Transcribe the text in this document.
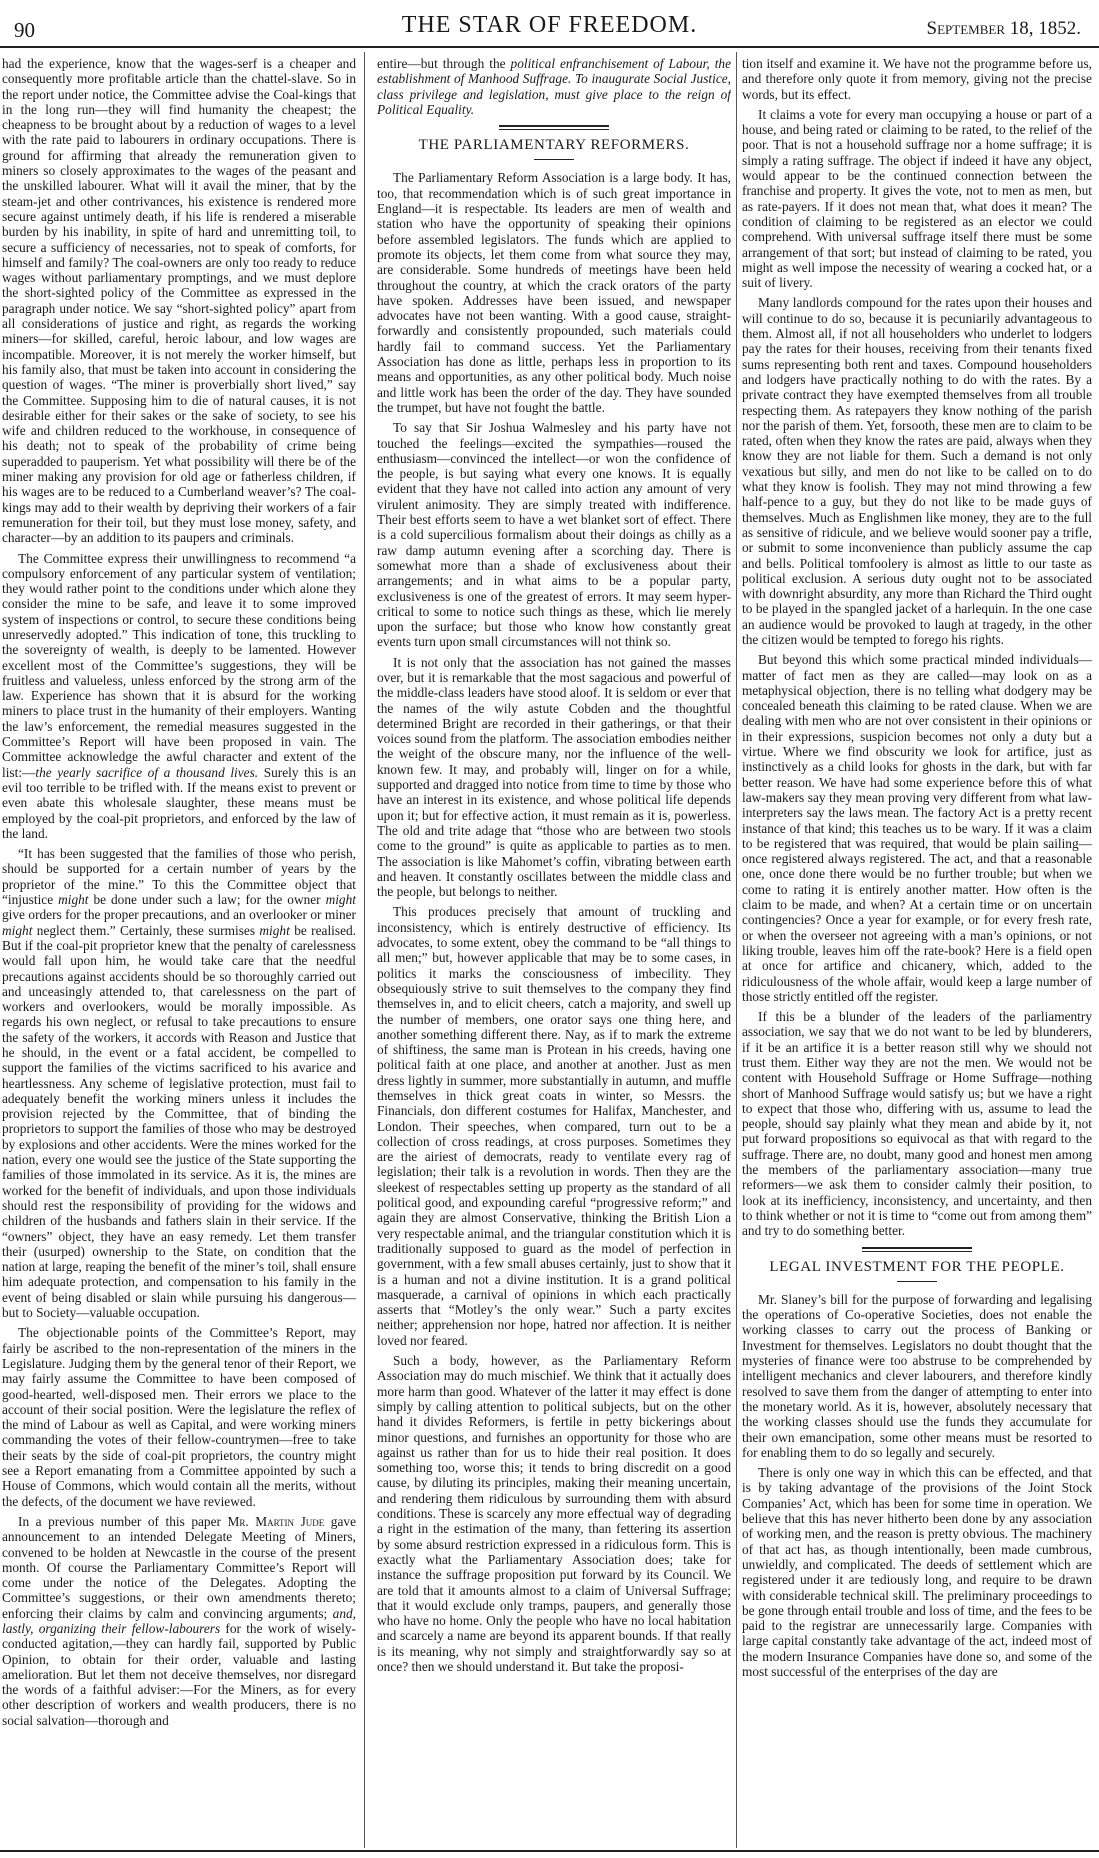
90	THE STAR OF FREEDOM.	September 18, 1852.

had the experience, know that the wages-serf is a cheaper and consequently more profitable article than the chattel-slave. So in the report under notice, the Committee advise the Coal-kings that in the long run—they will find humanity the cheapest; the cheapness to be brought about by a reduction of wages to a level with the rate paid to labourers in ordinary occupations. There is ground for affirming that already the remuneration given to miners so closely approximates to the wages of the peasant and the unskilled labourer. What will it avail the miner, that by the steam-jet and other contrivances, his existence is rendered more secure against untimely death, if his life is rendered a miserable burden by his inability, in spite of hard and unremitting toil, to secure a sufficiency of necessaries, not to speak of comforts, for himself and family? The coal-owners are only too ready to reduce wages without parliamentary promptings, and we must deplore the short-sighted policy of the Committee as expressed in the paragraph under notice. We say “short-sighted policy” apart from all considerations of justice and right, as regards the working miners—for skilled, careful, heroic labour, and low wages are incompatible. Moreover, it is not merely the worker himself, but his family also, that must be taken into account in considering the question of wages. “The miner is proverbially short lived,” say the Committee. Supposing him to die of natural causes, it is not desirable either for their sakes or the sake of society, to see his wife and children reduced to the workhouse, in consequence of his death; not to speak of the probability of crime being superadded to pauperism. Yet what possibility will there be of the miner making any provision for old age or fatherless children, if his wages are to be reduced to a Cumberland weaver’s? The coal-kings may add to their wealth by depriving their workers of a fair remuneration for their toil, but they must lose money, safety, and character—by an addition to its paupers and criminals.

The Committee express their unwillingness to recommend “a compulsory enforcement of any particular system of ventilation; they would rather point to the conditions under which alone they consider the mine to be safe, and leave it to some improved system of inspections or control, to secure these conditions being unreservedly adopted.” This indication of tone, this truckling to the sovereignty of wealth, is deeply to be lamented. However excellent most of the Committee’s suggestions, they will be fruitless and valueless, unless enforced by the strong arm of the law. Experience has shown that it is absurd for the working miners to place trust in the humanity of their employers. Wanting the law’s enforcement, the remedial measures suggested in the Committee’s Report will have been proposed in vain. The Committee acknowledge the awful character and extent of the list:—the yearly sacrifice of a thousand lives. Surely this is an evil too terrible to be trifled with. If the means exist to prevent or even abate this wholesale slaughter, these means must be employed by the coal-pit proprietors, and enforced by the law of the land.

“It has been suggested that the families of those who perish, should be supported for a certain number of years by the proprietor of the mine.” To this the Committee object that “injustice might be done under such a law; for the owner might give orders for the proper precautions, and an overlooker or miner might neglect them.” Certainly, these surmises might be realised. But if the coal-pit proprietor knew that the penalty of carelessness would fall upon him, he would take care that the needful precautions against accidents should be so thoroughly carried out and unceasingly attended to, that carelessness on the part of workers and overlookers, would be morally impossible. As regards his own neglect, or refusal to take precautions to ensure the safety of the workers, it accords with Reason and Justice that he should, in the event or a fatal accident, be compelled to support the families of the victims sacrificed to his avarice and heartlessness. Any scheme of legislative protection, must fail to adequately benefit the working miners unless it includes the provision rejected by the Committee, that of binding the proprietors to support the families of those who may be destroyed by explosions and other accidents. Were the mines worked for the nation, every one would see the justice of the State supporting the families of those immolated in its service. As it is, the mines are worked for the benefit of individuals, and upon those individuals should rest the responsibility of providing for the widows and children of the husbands and fathers slain in their service. If the “owners” object, they have an easy remedy. Let them transfer their (usurped) ownership to the State, on condition that the nation at large, reaping the benefit of the miner’s toil, shall ensure him adequate protection, and compensation to his family in the event of being disabled or slain while pursuing his dangerous—but to Society—valuable occupation.

The objectionable points of the Committee’s Report, may fairly be ascribed to the non-representation of the miners in the Legislature. Judging them by the general tenor of their Report, we may fairly assume the Committee to have been composed of good-hearted, well-disposed men. Their errors we place to the account of their social position. Were the legislature the reflex of the mind of Labour as well as Capital, and were working miners commanding the votes of their fellow-countrymen—free to take their seats by the side of coal-pit proprietors, the country might see a Report emanating from a Committee appointed by such a House of Commons, which would contain all the merits, without the defects, of the document we have reviewed.

In a previous number of this paper Mr. Martin Jude gave announcement to an intended Delegate Meeting of Miners, convened to be holden at Newcastle in the course of the present month. Of course the Parliamentary Committee’s Report will come under the notice of the Delegates. Adopting the Committee’s suggestions, or their own amendments thereto; enforcing their claims by calm and convincing arguments; and, lastly, organizing their fellow-labourers for the work of wisely-conducted agitation,—they can hardly fail, supported by Public Opinion, to obtain for their order, valuable and lasting amelioration. But let them not deceive themselves, nor disregard the words of a faithful adviser:—For the Miners, as for every other description of workers and wealth producers, there is no social salvation—thorough and

entire—but through the political enfranchisement of Labour, the establishment of Manhood Suffrage. To inaugurate Social Justice, class privilege and legislation, must give place to the reign of Political Equality.

THE PARLIAMENTARY REFORMERS.

The Parliamentary Reform Association is a large body. It has, too, that recommendation which is of such great importance in England—it is respectable. Its leaders are men of wealth and station who have the opportunity of speaking their opinions before assembled legislators. The funds which are applied to promote its objects, let them come from what source they may, are considerable. Some hundreds of meetings have been held throughout the country, at which the crack orators of the party have spoken. Addresses have been issued, and newspaper advocates have not been wanting. With a good cause, straight-forwardly and consistently propounded, such materials could hardly fail to command success. Yet the Parliamentary Association has done as little, perhaps less in proportion to its means and opportunities, as any other political body. Much noise and little work has been the order of the day. They have sounded the trumpet, but have not fought the battle.

To say that Sir Joshua Walmesley and his party have not touched the feelings—excited the sympathies—roused the enthusiasm—convinced the intellect—or won the confidence of the people, is but saying what every one knows. It is equally evident that they have not called into action any amount of very virulent animosity. They are simply treated with indifference. Their best efforts seem to have a wet blanket sort of effect. There is a cold supercilious formalism about their doings as chilly as a raw damp autumn evening after a scorching day. There is somewhat more than a shade of exclusiveness about their arrangements; and in what aims to be a popular party, exclusiveness is one of the greatest of errors. It may seem hyper-critical to some to notice such things as these, which lie merely upon the surface; but those who know how constantly great events turn upon small circumstances will not think so.

It is not only that the association has not gained the masses over, but it is remarkable that the most sagacious and powerful of the middle-class leaders have stood aloof. It is seldom or ever that the names of the wily astute Cobden and the thoughtful determined Bright are recorded in their gatherings, or that their voices sound from the platform. The association embodies neither the weight of the obscure many, nor the influence of the well-known few. It may, and probably will, linger on for a while, supported and dragged into notice from time to time by those who have an interest in its existence, and whose political life depends upon it; but for effective action, it must remain as it is, powerless. The old and trite adage that “those who are between two stools come to the ground” is quite as applicable to parties as to men. The association is like Mahomet’s coffin, vibrating between earth and heaven. It constantly oscillates between the middle class and the people, but belongs to neither.

This produces precisely that amount of truckling and inconsistency, which is entirely destructive of efficiency. Its advocates, to some extent, obey the command to be “all things to all men;” but, however applicable that may be to some cases, in politics it marks the consciousness of imbecility. They obsequiously strive to suit themselves to the company they find themselves in, and to elicit cheers, catch a majority, and swell up the number of members, one orator says one thing here, and another something different there. Nay, as if to mark the extreme of shiftiness, the same man is Protean in his creeds, having one political faith at one place, and another at another. Just as men dress lightly in summer, more substantially in autumn, and muffle themselves in thick great coats in winter, so Messrs. the Financials, don different costumes for Halifax, Manchester, and London. Their speeches, when compared, turn out to be a collection of cross readings, at cross purposes. Sometimes they are the airiest of democrats, ready to ventilate every rag of legislation; their talk is a revolution in words. Then they are the sleekest of respectables setting up property as the standard of all political good, and expounding careful “progressive reform;” and again they are almost Conservative, thinking the British Lion a very respectable animal, and the triangular constitution which it is traditionally supposed to guard as the model of perfection in government, with a few small abuses certainly, just to show that it is a human and not a divine institution. It is a grand political masquerade, a carnival of opinions in which each practically asserts that “Motley’s the only wear.” Such a party excites neither; apprehension nor hope, hatred nor affection. It is neither loved nor feared.

Such a body, however, as the Parliamentary Reform Association may do much mischief. We think that it actually does more harm than good. Whatever of the latter it may effect is done simply by calling attention to political subjects, but on the other hand it divides Reformers, is fertile in petty bickerings about minor questions, and furnishes an opportunity for those who are against us rather than for us to hide their real position. It does something too, worse this; it tends to bring discredit on a good cause, by diluting its principles, making their meaning uncertain, and rendering them ridiculous by surrounding them with absurd conditions. These is scarcely any more effectual way of degrading a right in the estimation of the many, than fettering its assertion by some absurd restriction expressed in a ridiculous form. This is exactly what the Parliamentary Association does; take for instance the suffrage proposition put forward by its Council. We are told that it amounts almost to a claim of Universal Suffrage; that it would exclude only tramps, paupers, and generally those who have no home. Only the people who have no local habitation and scarcely a name are beyond its apparent bounds. If that really is its meaning, why not simply and straightforwardly say so at once? then we should understand it. But take the proposi-

tion itself and examine it. We have not the programme before us, and therefore only quote it from memory, giving not the precise words, but its effect.

It claims a vote for every man occupying a house or part of a house, and being rated or claiming to be rated, to the relief of the poor. That is not a household suffrage nor a home suffrage; it is simply a rating suffrage. The object if indeed it have any object, would appear to be the continued connection between the franchise and property. It gives the vote, not to men as men, but as rate-payers. If it does not mean that, what does it mean? The condition of claiming to be registered as an elector we could comprehend. With universal suffrage itself there must be some arrangement of that sort; but instead of claiming to be rated, you might as well impose the necessity of wearing a cocked hat, or a suit of livery.

Many landlords compound for the rates upon their houses and will continue to do so, because it is pecuniarily advantageous to them. Almost all, if not all householders who underlet to lodgers pay the rates for their houses, receiving from their tenants fixed sums representing both rent and taxes. Compound householders and lodgers have practically nothing to do with the rates. By a private contract they have exempted themselves from all trouble respecting them. As ratepayers they know nothing of the parish nor the parish of them. Yet, forsooth, these men are to claim to be rated, often when they know the rates are paid, always when they know they are not liable for them. Such a demand is not only vexatious but silly, and men do not like to be called on to do what they know is foolish. They may not mind throwing a few half-pence to a guy, but they do not like to be made guys of themselves. Much as Englishmen like money, they are to the full as sensitive of ridicule, and we believe would sooner pay a trifle, or submit to some inconvenience than publicly assume the cap and bells. Political tomfoolery is almost as little to our taste as political exclusion. A serious duty ought not to be associated with downright absurdity, any more than Richard the Third ought to be played in the spangled jacket of a harlequin. In the one case an audience would be provoked to laugh at tragedy, in the other the citizen would be tempted to forego his rights.

But beyond this which some practical minded individuals—matter of fact men as they are called—may look on as a metaphysical objection, there is no telling what dodgery may be concealed beneath this claiming to be rated clause. When we are dealing with men who are not over consistent in their opinions or in their expressions, suspicion becomes not only a duty but a virtue. Where we find obscurity we look for artifice, just as instinctively as a child looks for ghosts in the dark, but with far better reason. We have had some experience before this of what law-makers say they mean proving very different from what law-interpreters say the laws mean. The factory Act is a pretty recent instance of that kind; this teaches us to be wary. If it was a claim to be registered that was required, that would be plain sailing—once registered always registered. The act, and that a reasonable one, once done there would be no further trouble; but when we come to rating it is entirely another matter. How often is the claim to be made, and when? At a certain time or on uncertain contingencies? Once a year for example, or for every fresh rate, or when the overseer not agreeing with a man’s opinions, or not liking trouble, leaves him off the rate-book? Here is a field open at once for artifice and chicanery, which, added to the ridiculousness of the whole affair, would keep a large number of those strictly entitled off the register.

If this be a blunder of the leaders of the parliamentry association, we say that we do not want to be led by blunderers, if it be an artifice it is a better reason still why we should not trust them. Either way they are not the men. We would not be content with Household Suffrage or Home Suffrage—nothing short of Manhood Suffrage would satisfy us; but we have a right to expect that those who, differing with us, assume to lead the people, should say plainly what they mean and abide by it, not put forward propositions so equivocal as that with regard to the suffrage. There are, no doubt, many good and honest men among the members of the parliamentary association—many true reformers—we ask them to consider calmly their position, to look at its inefficiency, inconsistency, and uncertainty, and then to think whether or not it is time to “come out from among them” and try to do something better.

LEGAL INVESTMENT FOR THE PEOPLE.

Mr. Slaney’s bill for the purpose of forwarding and legalising the operations of Co-operative Societies, does not enable the working classes to carry out the process of Banking or Investment for themselves. Legislators no doubt thought that the mysteries of finance were too abstruse to be comprehended by intelligent mechanics and clever labourers, and therefore kindly resolved to save them from the danger of attempting to enter into the monetary world. As it is, however, absolutely necessary that the working classes should use the funds they accumulate for their own emancipation, some other means must be resorted to for enabling them to do so legally and securely.

There is only one way in which this can be effected, and that is by taking advantage of the provisions of the Joint Stock Companies’ Act, which has been for some time in operation. We believe that this has never hitherto been done by any association of working men, and the reason is pretty obvious. The machinery of that act has, as though intentionally, been made cumbrous, unwieldly, and complicated. The deeds of settlement which are registered under it are tediously long, and require to be drawn with considerable technical skill. The preliminary proceedings to be gone through entail trouble and loss of time, and the fees to be paid to the registrar are unnecessarily large. Companies with large capital constantly take advantage of the act, indeed most of the modern Insurance Companies have done so, and some of the most successful of the enterprises of the day are
